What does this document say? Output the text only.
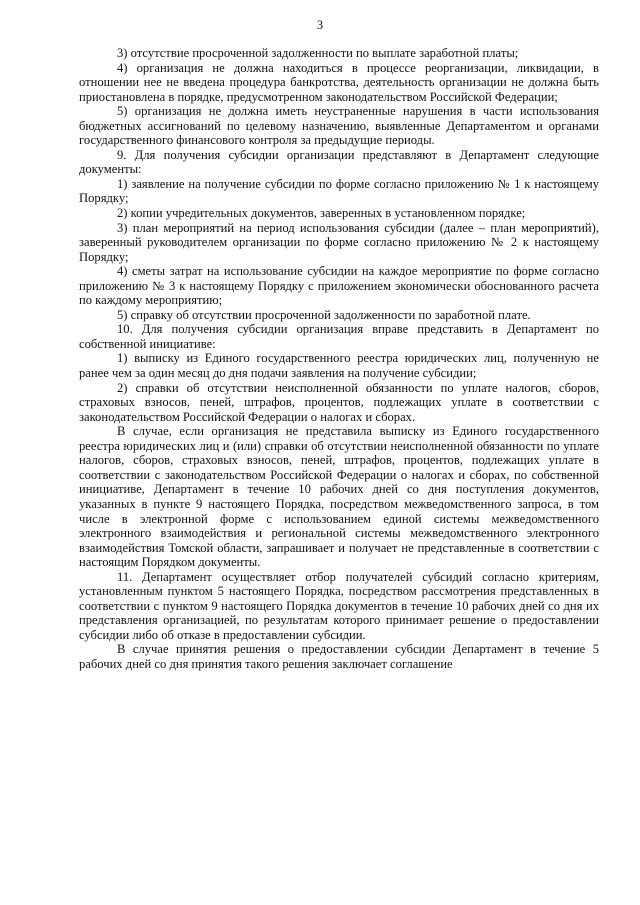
3

3) отсутствие просроченной задолженности по выплате заработной платы;

4) организация не должна находиться в процессе реорганизации, ликвидации, в отношении нее не введена процедура банкротства, деятельность организации не должна быть приостановлена в порядке, предусмотренном законодательством Российской Федерации;

5) организация не должна иметь неустраненные нарушения в части использования бюджетных ассигнований по целевому назначению, выявленные Департаментом и органами государственного финансового контроля за предыдущие периоды.

9. Для получения субсидии организации представляют в Департамент следующие документы:

1) заявление на получение субсидии по форме согласно приложению № 1 к настоящему Порядку;

2) копии учредительных документов, заверенных в установленном порядке;

3) план мероприятий на период использования субсидии (далее – план мероприятий), заверенный руководителем организации по форме согласно приложению № 2 к настоящему Порядку;

4) сметы затрат на использование субсидии на каждое мероприятие по форме согласно приложению № 3 к настоящему Порядку с приложением экономически обоснованного расчета по каждому мероприятию;

5) справку об отсутствии просроченной задолженности по заработной плате.

10. Для получения субсидии организация вправе представить в Департамент по собственной инициативе:

1) выписку из Единого государственного реестра юридических лиц, полученную не ранее чем за один месяц до дня подачи заявления на получение субсидии;

2) справки об отсутствии неисполненной обязанности по уплате налогов, сборов, страховых взносов, пеней, штрафов, процентов, подлежащих уплате в соответствии с законодательством Российской Федерации о налогах и сборах.

В случае, если организация не представила выписку из Единого государственного реестра юридических лиц и (или) справки об отсутствии неисполненной обязанности по уплате налогов, сборов, страховых взносов, пеней, штрафов, процентов, подлежащих уплате в соответствии с законодательством Российской Федерации о налогах и сборах, по собственной инициативе, Департамент в течение 10 рабочих дней со дня поступления документов, указанных в пункте 9 настоящего Порядка, посредством межведомственного запроса, в том числе в электронной форме с использованием единой системы межведомственного электронного взаимодействия и региональной системы межведомственного электронного взаимодействия Томской области, запрашивает и получает не представленные в соответствии с настоящим Порядком документы.

11. Департамент осуществляет отбор получателей субсидий согласно критериям, установленным пунктом 5 настоящего Порядка, посредством рассмотрения представленных в соответствии с пунктом 9 настоящего Порядка документов в течение 10 рабочих дней со дня их представления организацией, по результатам которого принимает решение о предоставлении субсидии либо об отказе в предоставлении субсидии.

В случае принятия решения о предоставлении субсидии Департамент в течение 5 рабочих дней со дня принятия такого решения заключает соглашение
